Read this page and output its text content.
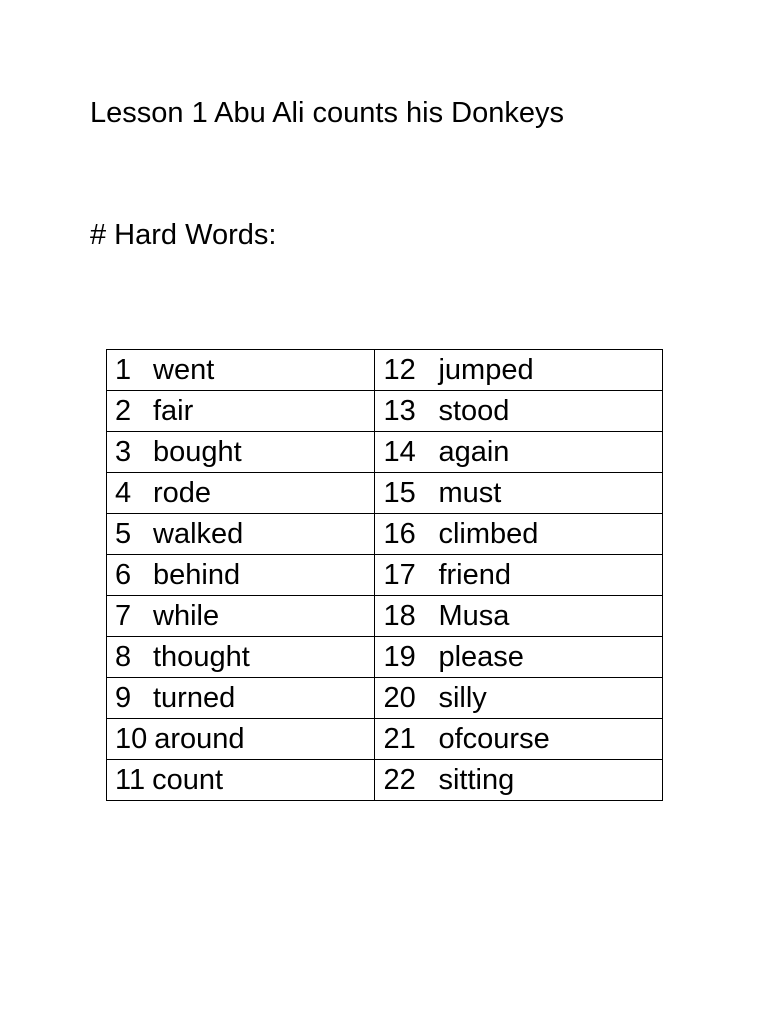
Lesson 1 Abu Ali counts his Donkeys
# Hard Words:
1 went	12 jumped
2 fair	13 stood
3 bought	14 again
4 rode	15 must
5 walked	16 climbed
6 behind	17 friend
7 while	18 Musa
8 thought	19 please
9 turned	20 silly
10 around	21 ofcourse
11 count	22 sitting
